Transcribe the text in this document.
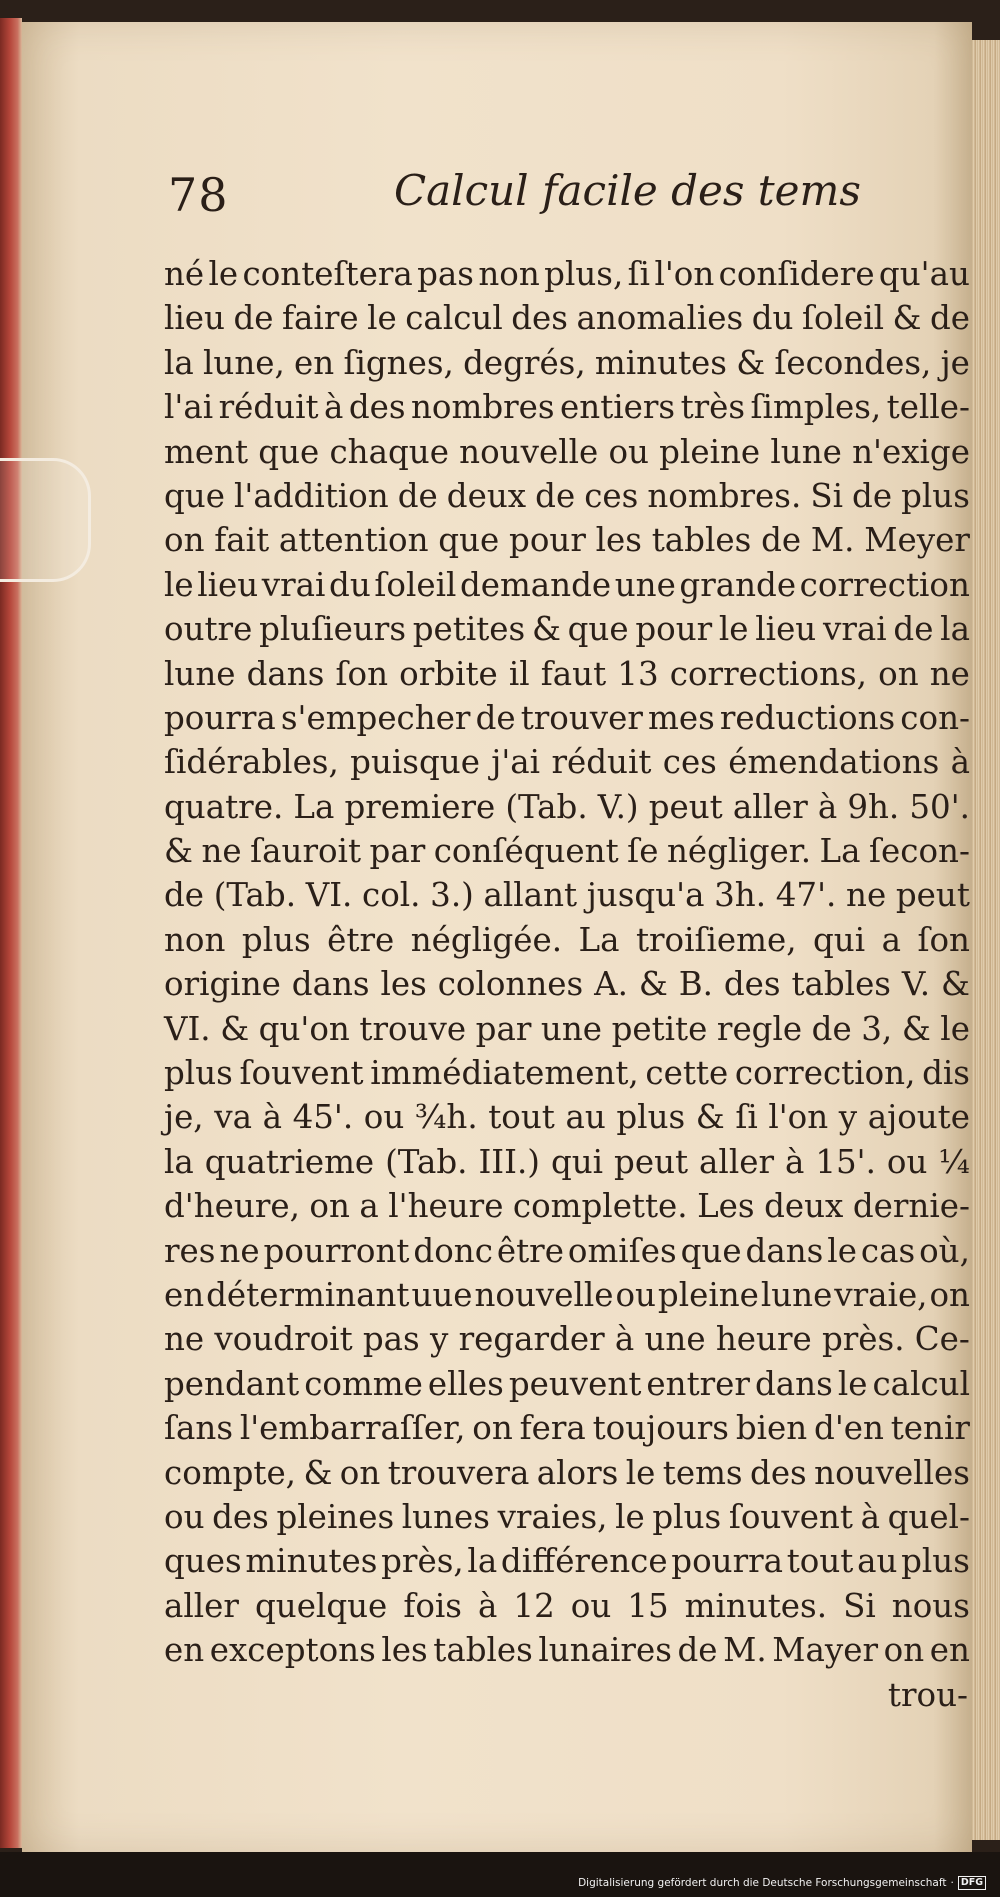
78	Calcul facile des tems
né le conteſtera pas non plus, ſi l'on conſidere qu'au
lieu de faire le calcul des anomalies du ſoleil & de
la lune, en ſignes, degrés, minutes & ſecondes, je
l'ai réduit à des nombres entiers très ſimples, telle-
ment que chaque nouvelle ou pleine lune n'exige
que l'addition de deux de ces nombres. Si de plus
on fait attention que pour les tables de M. Meyer
le lieu vrai du ſoleil demande une grande correction
outre pluſieurs petites & que pour le lieu vrai de la
lune dans ſon orbite il faut 13 corrections, on ne
pourra s'empecher de trouver mes reductions con-
ſidérables, puisque j'ai réduit ces émendations à
quatre. La premiere (Tab. V.) peut aller à 9h. 50'.
& ne ſauroit par conſéquent ſe négliger. La ſecon-
de (Tab. VI. col. 3.) allant jusqu'a 3h. 47'. ne peut
non plus être négligée. La troiſieme, qui a ſon
origine dans les colonnes A. & B. des tables V. &
VI. & qu'on trouve par une petite regle de 3, & le
plus ſouvent immédiatement, cette correction, dis
je, va à 45'. ou ¾h. tout au plus & ſi l'on y ajoute
la quatrieme (Tab. III.) qui peut aller à 15'. ou ¼
d'heure, on a l'heure complette. Les deux dernie-
res ne pourront donc être omiſes que dans le cas où,
en déterminant uue nouvelle ou pleine lune vraie, on
ne voudroit pas y regarder à une heure près. Ce-
pendant comme elles peuvent entrer dans le calcul
ſans l'embarraſſer, on fera toujours bien d'en tenir
compte, & on trouvera alors le tems des nouvelles
ou des pleines lunes vraies, le plus ſouvent à quel-
ques minutes près, la différence pourra tout au plus
aller quelque fois à 12 ou 15 minutes. Si nous
en exceptons les tables lunaires de M. Mayer on en
trou-
Digitalisierung gefördert durch die Deutsche Forschungsgemeinschaft · DFG
